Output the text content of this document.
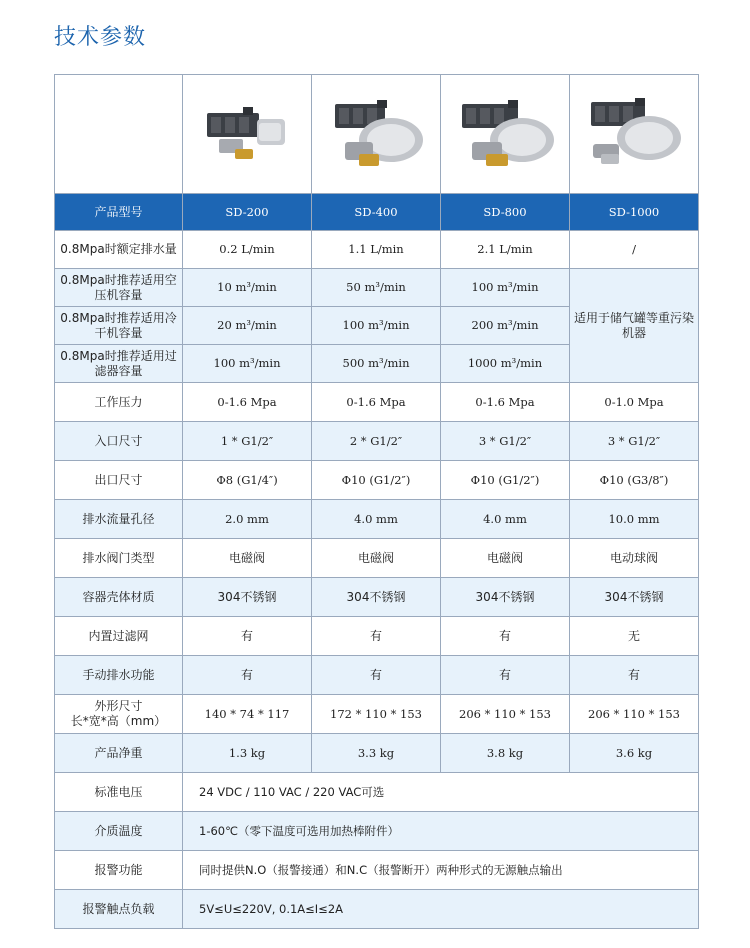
技术参数

产品型号	SD-200	SD-400	SD-800	SD-1000
0.8Mpa时额定排水量	0.2 L/min	1.1 L/min	2.1 L/min	/
0.8Mpa时推荐适用空压机容量	10 m³/min	50 m³/min	100 m³/min	适用于储气罐等重污染机器
0.8Mpa时推荐适用冷干机容量	20 m³/min	100 m³/min	200 m³/min	
0.8Mpa时推荐适用过滤器容量	100 m³/min	500 m³/min	1000 m³/min	
工作压力	0-1.6 Mpa	0-1.6 Mpa	0-1.6 Mpa	0-1.0 Mpa
入口尺寸	1 * G1/2″	2 * G1/2″	3 * G1/2″	3 * G1/2″
出口尺寸	Φ8 (G1/4″)	Φ10 (G1/2″)	Φ10 (G1/2″)	Φ10 (G3/8″)
排水流量孔径	2.0 mm	4.0 mm	4.0 mm	10.0 mm
排水阀门类型	电磁阀	电磁阀	电磁阀	电动球阀
容器壳体材质	304不锈钢	304不锈钢	304不锈钢	304不锈钢
内置过滤网	有	有	有	无
手动排水功能	有	有	有	有
外形尺寸
长*宽*高（mm）	140 * 74 * 117	172 * 110 * 153	206 * 110 * 153	206 * 110 * 153
产品净重	1.3 kg	3.3 kg	3.8 kg	3.6 kg
标准电压	24 VDC / 110 VAC / 220 VAC可选			
介质温度	1-60℃（零下温度可选用加热棒附件）			
报警功能	同时提供N.O（报警接通）和N.C（报警断开）两种形式的无源触点输出			
报警触点负载	5V≤U≤220V, 0.1A≤I≤2A			
